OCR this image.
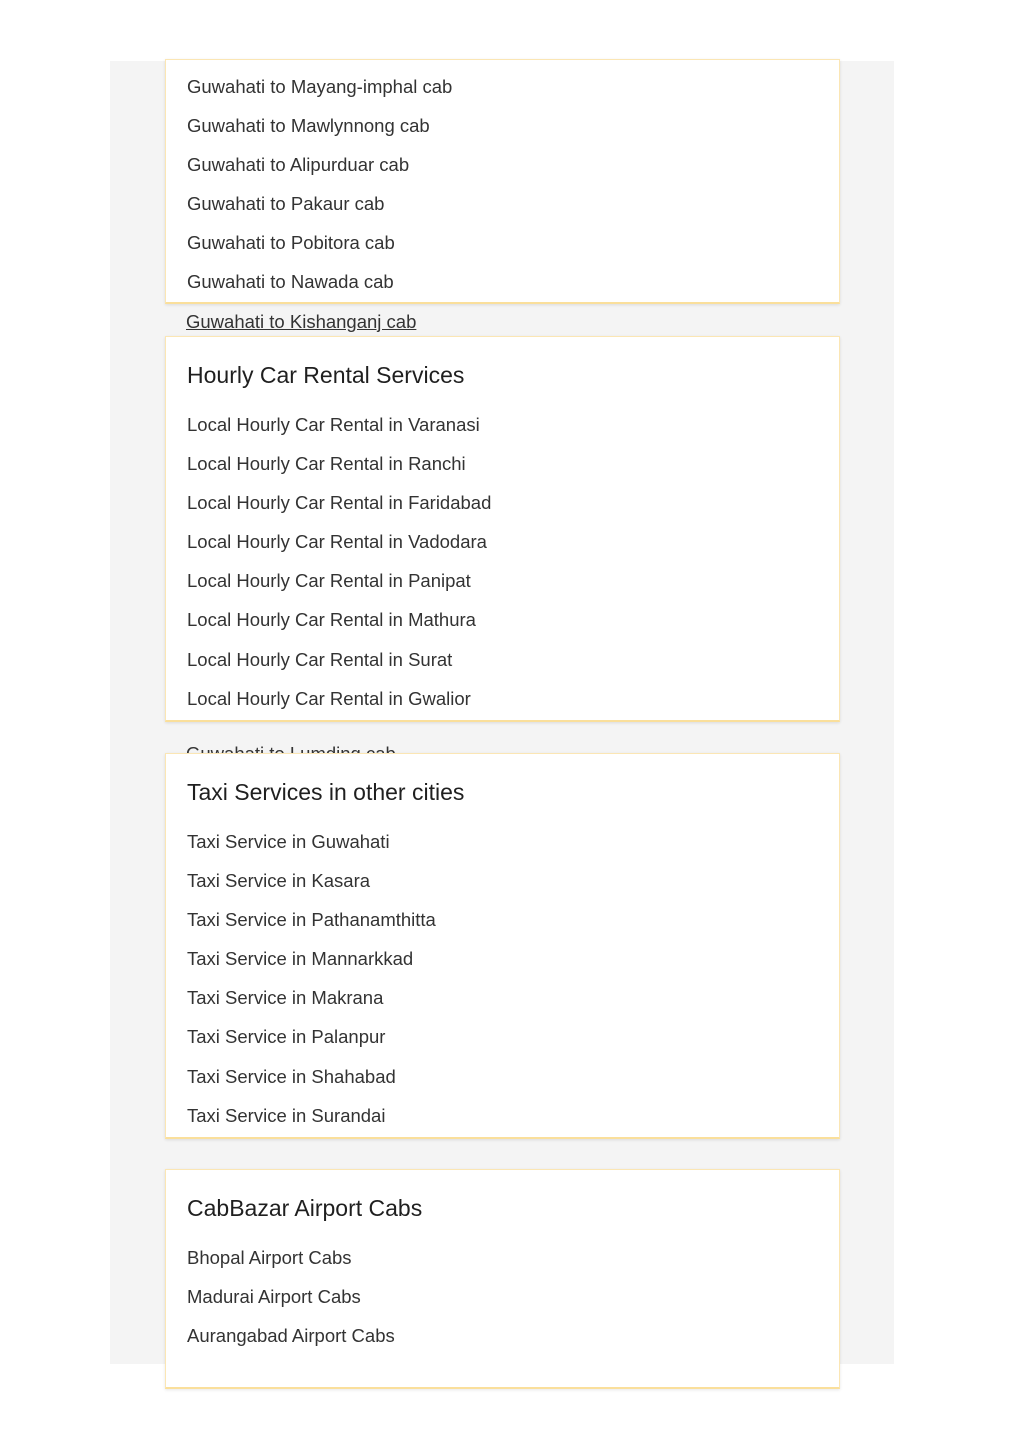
Guwahati to Mayang-imphal cab
Guwahati to Mawlynnong cab
Guwahati to Alipurduar cab
Guwahati to Pakaur cab
Guwahati to Pobitora cab
Guwahati to Nawada cab
Guwahati to Kishanganj cab
Hourly Car Rental Services
Local Hourly Car Rental in Varanasi
Local Hourly Car Rental in Ranchi
Local Hourly Car Rental in Faridabad
Local Hourly Car Rental in Vadodara
Local Hourly Car Rental in Panipat
Local Hourly Car Rental in Mathura
Local Hourly Car Rental in Surat
Local Hourly Car Rental in Gwalior
Taxi Services in other cities
Taxi Service in Guwahati
Taxi Service in Kasara
Taxi Service in Pathanamthitta
Taxi Service in Mannarkkad
Taxi Service in Makrana
Taxi Service in Palanpur
Taxi Service in Shahabad
Taxi Service in Surandai
CabBazar Airport Cabs
Bhopal Airport Cabs
Madurai Airport Cabs
Aurangabad Airport Cabs
